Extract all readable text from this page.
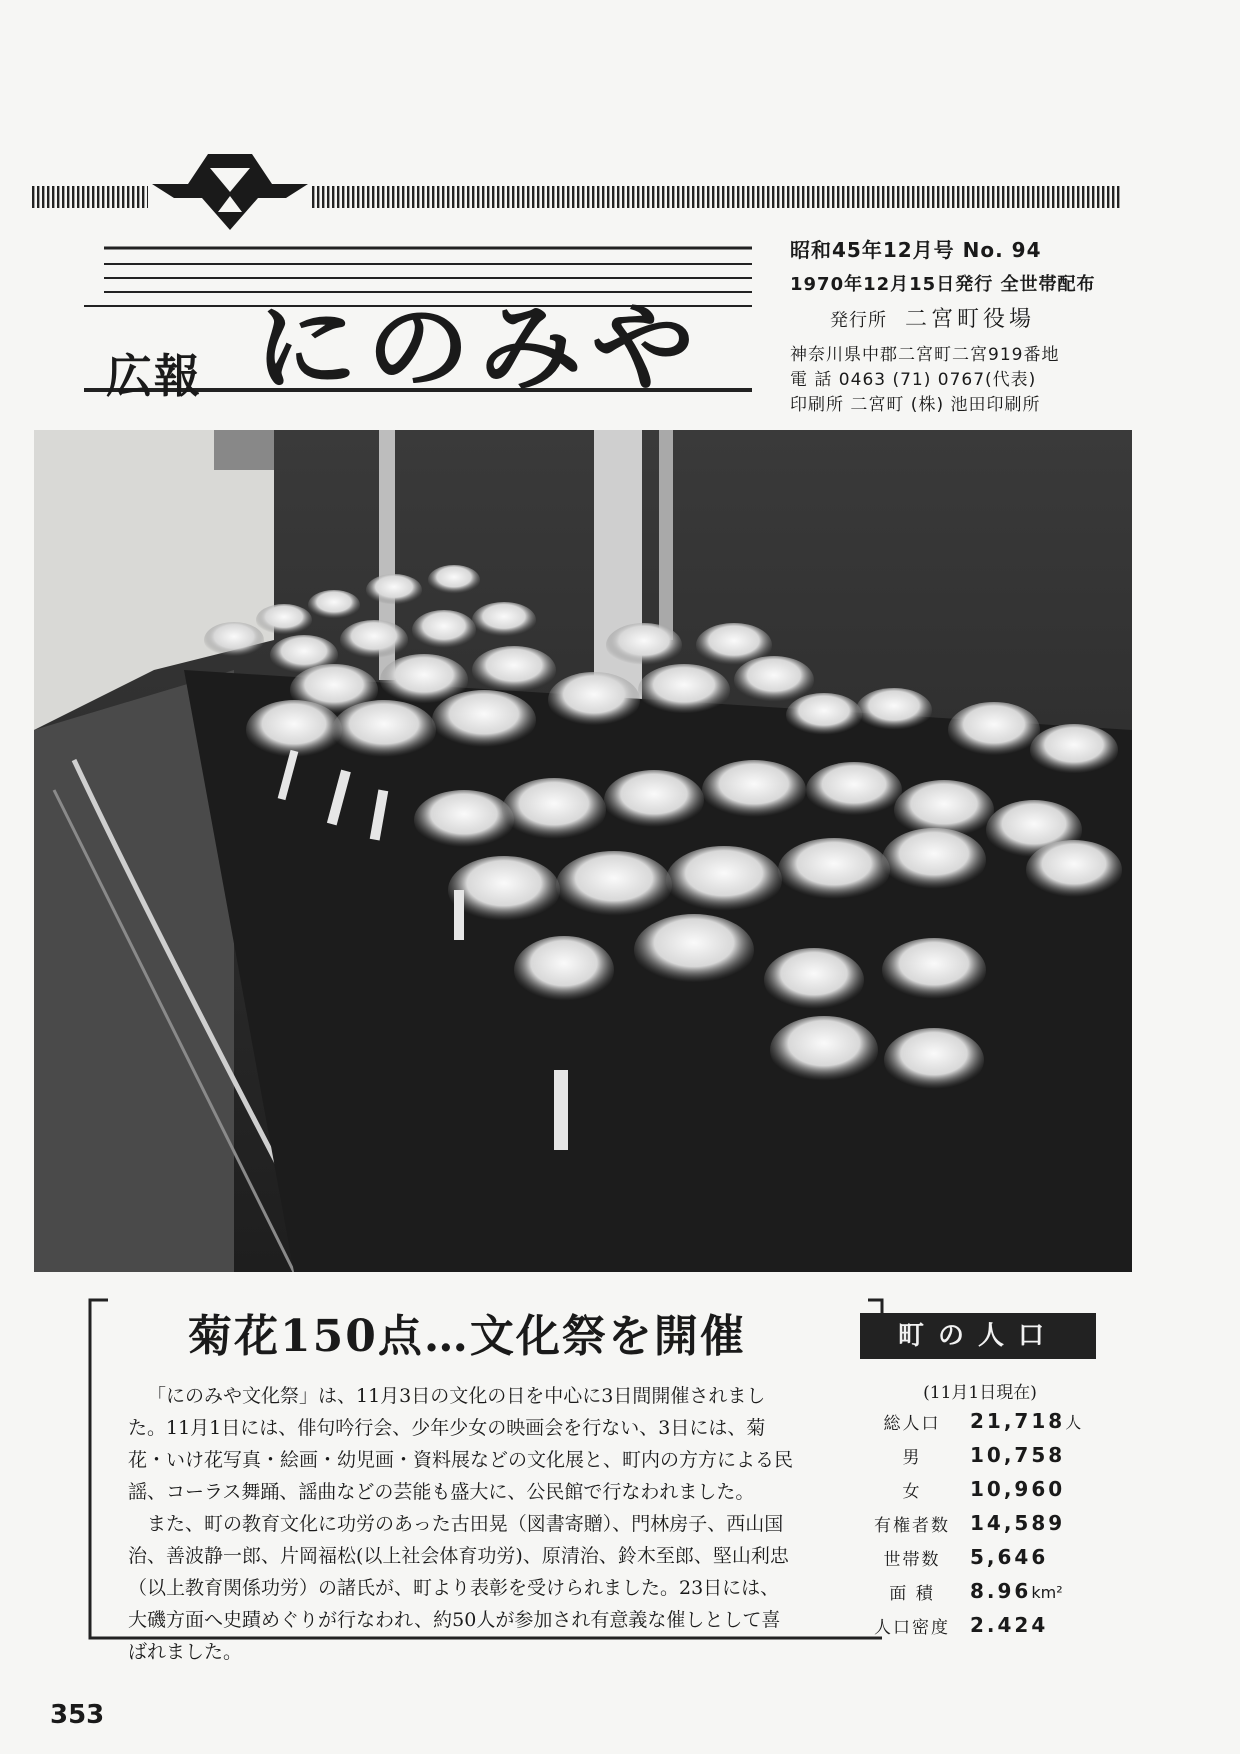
広報 にのみや
昭和45年12月号 No. 94
1970年12月15日発行 全世帯配布
発行所 二宮町役場
神奈川県中郡二宮町二宮919番地
電 話 0463 (71) 0767(代表)
印刷所 二宮町 (株) 池田印刷所
菊花150点…文化祭を開催

「にのみや文化祭」は、11月3日の文化の日を中心に3日間開催されました。11月1日には、俳句吟行会、少年少女の映画会を行ない、3日には、菊花・いけ花写真・絵画・幼児画・資料展などの文化展と、町内の方方による民謡、コーラス舞踊、謡曲などの芸能も盛大に、公民館で行なわれました。

また、町の教育文化に功労のあった古田晃（図書寄贈）、門林房子、西山国治、善波静一郎、片岡福松(以上社会体育功労)、原清治、鈴木至郎、堅山利忠（以上教育関係功労）の諸氏が、町より表彰を受けられました。23日には、大磯方面へ史蹟めぐりが行なわれ、約50人が参加され有意義な催しとして喜ばれました。

町の人口
(11月1日現在)
総人口	21,718人
男	10,758
女	10,960
有権者数	14,589
世帯数	5,646
面 積	8.96km²
人口密度	2.424
353
